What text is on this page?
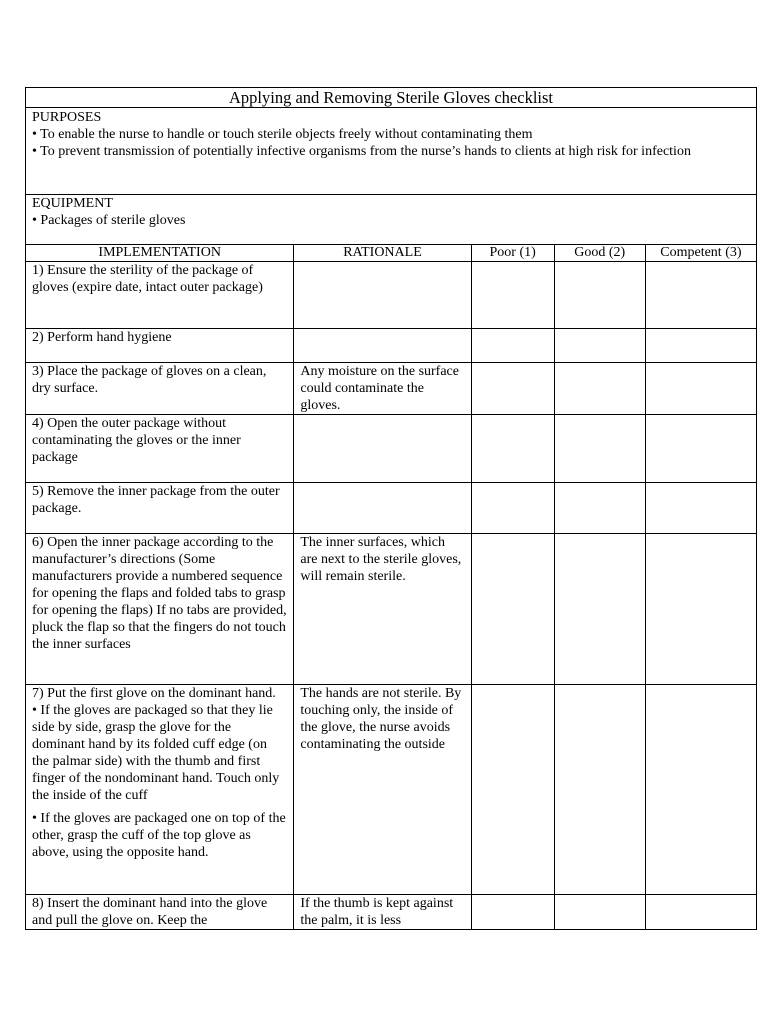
Applying and Removing Sterile Gloves checklist				

PURPOSES
• To enable the nurse to handle or touch sterile objects freely without contaminating them
• To prevent transmission of potentially infective organisms from the nurse’s hands to clients at high risk for infection				

EQUIPMENT
• Packages of sterile gloves				

IMPLEMENTATION	RATIONALE	Poor (1)	Good (2)	Competent (3)
1) Ensure the sterility of the package of gloves (expire date, intact outer package)				
2) Perform hand hygiene				
3) Place the package of gloves on a clean, dry surface.	Any moisture on the surface could contaminate the gloves.			
4) Open the outer package without contaminating the gloves or the inner package				
5) Remove the inner package from the outer package.				
6) Open the inner package according to the manufacturer’s directions (Some manufacturers provide a numbered sequence for opening the flaps and folded tabs to grasp for opening the flaps) If no tabs are provided, pluck the flap so that the fingers do not touch the inner surfaces	The inner surfaces, which are next to the sterile gloves, will remain sterile.			

7) Put the first glove on the dominant hand.
• If the gloves are packaged so that they lie side by side, grasp the glove for the dominant hand by its folded cuff edge (on the palmar side) with the thumb and first finger of the nondominant hand. Touch only the inside of the cuff
• If the gloves are packaged one on top of the other, grasp the cuff of the top glove as above, using the opposite hand.	The hands are not sterile. By touching only, the inside of the glove, the nurse avoids contaminating the outside			
8) Insert the dominant hand into the glove and pull the glove on. Keep the	If the thumb is kept against the palm, it is less			
